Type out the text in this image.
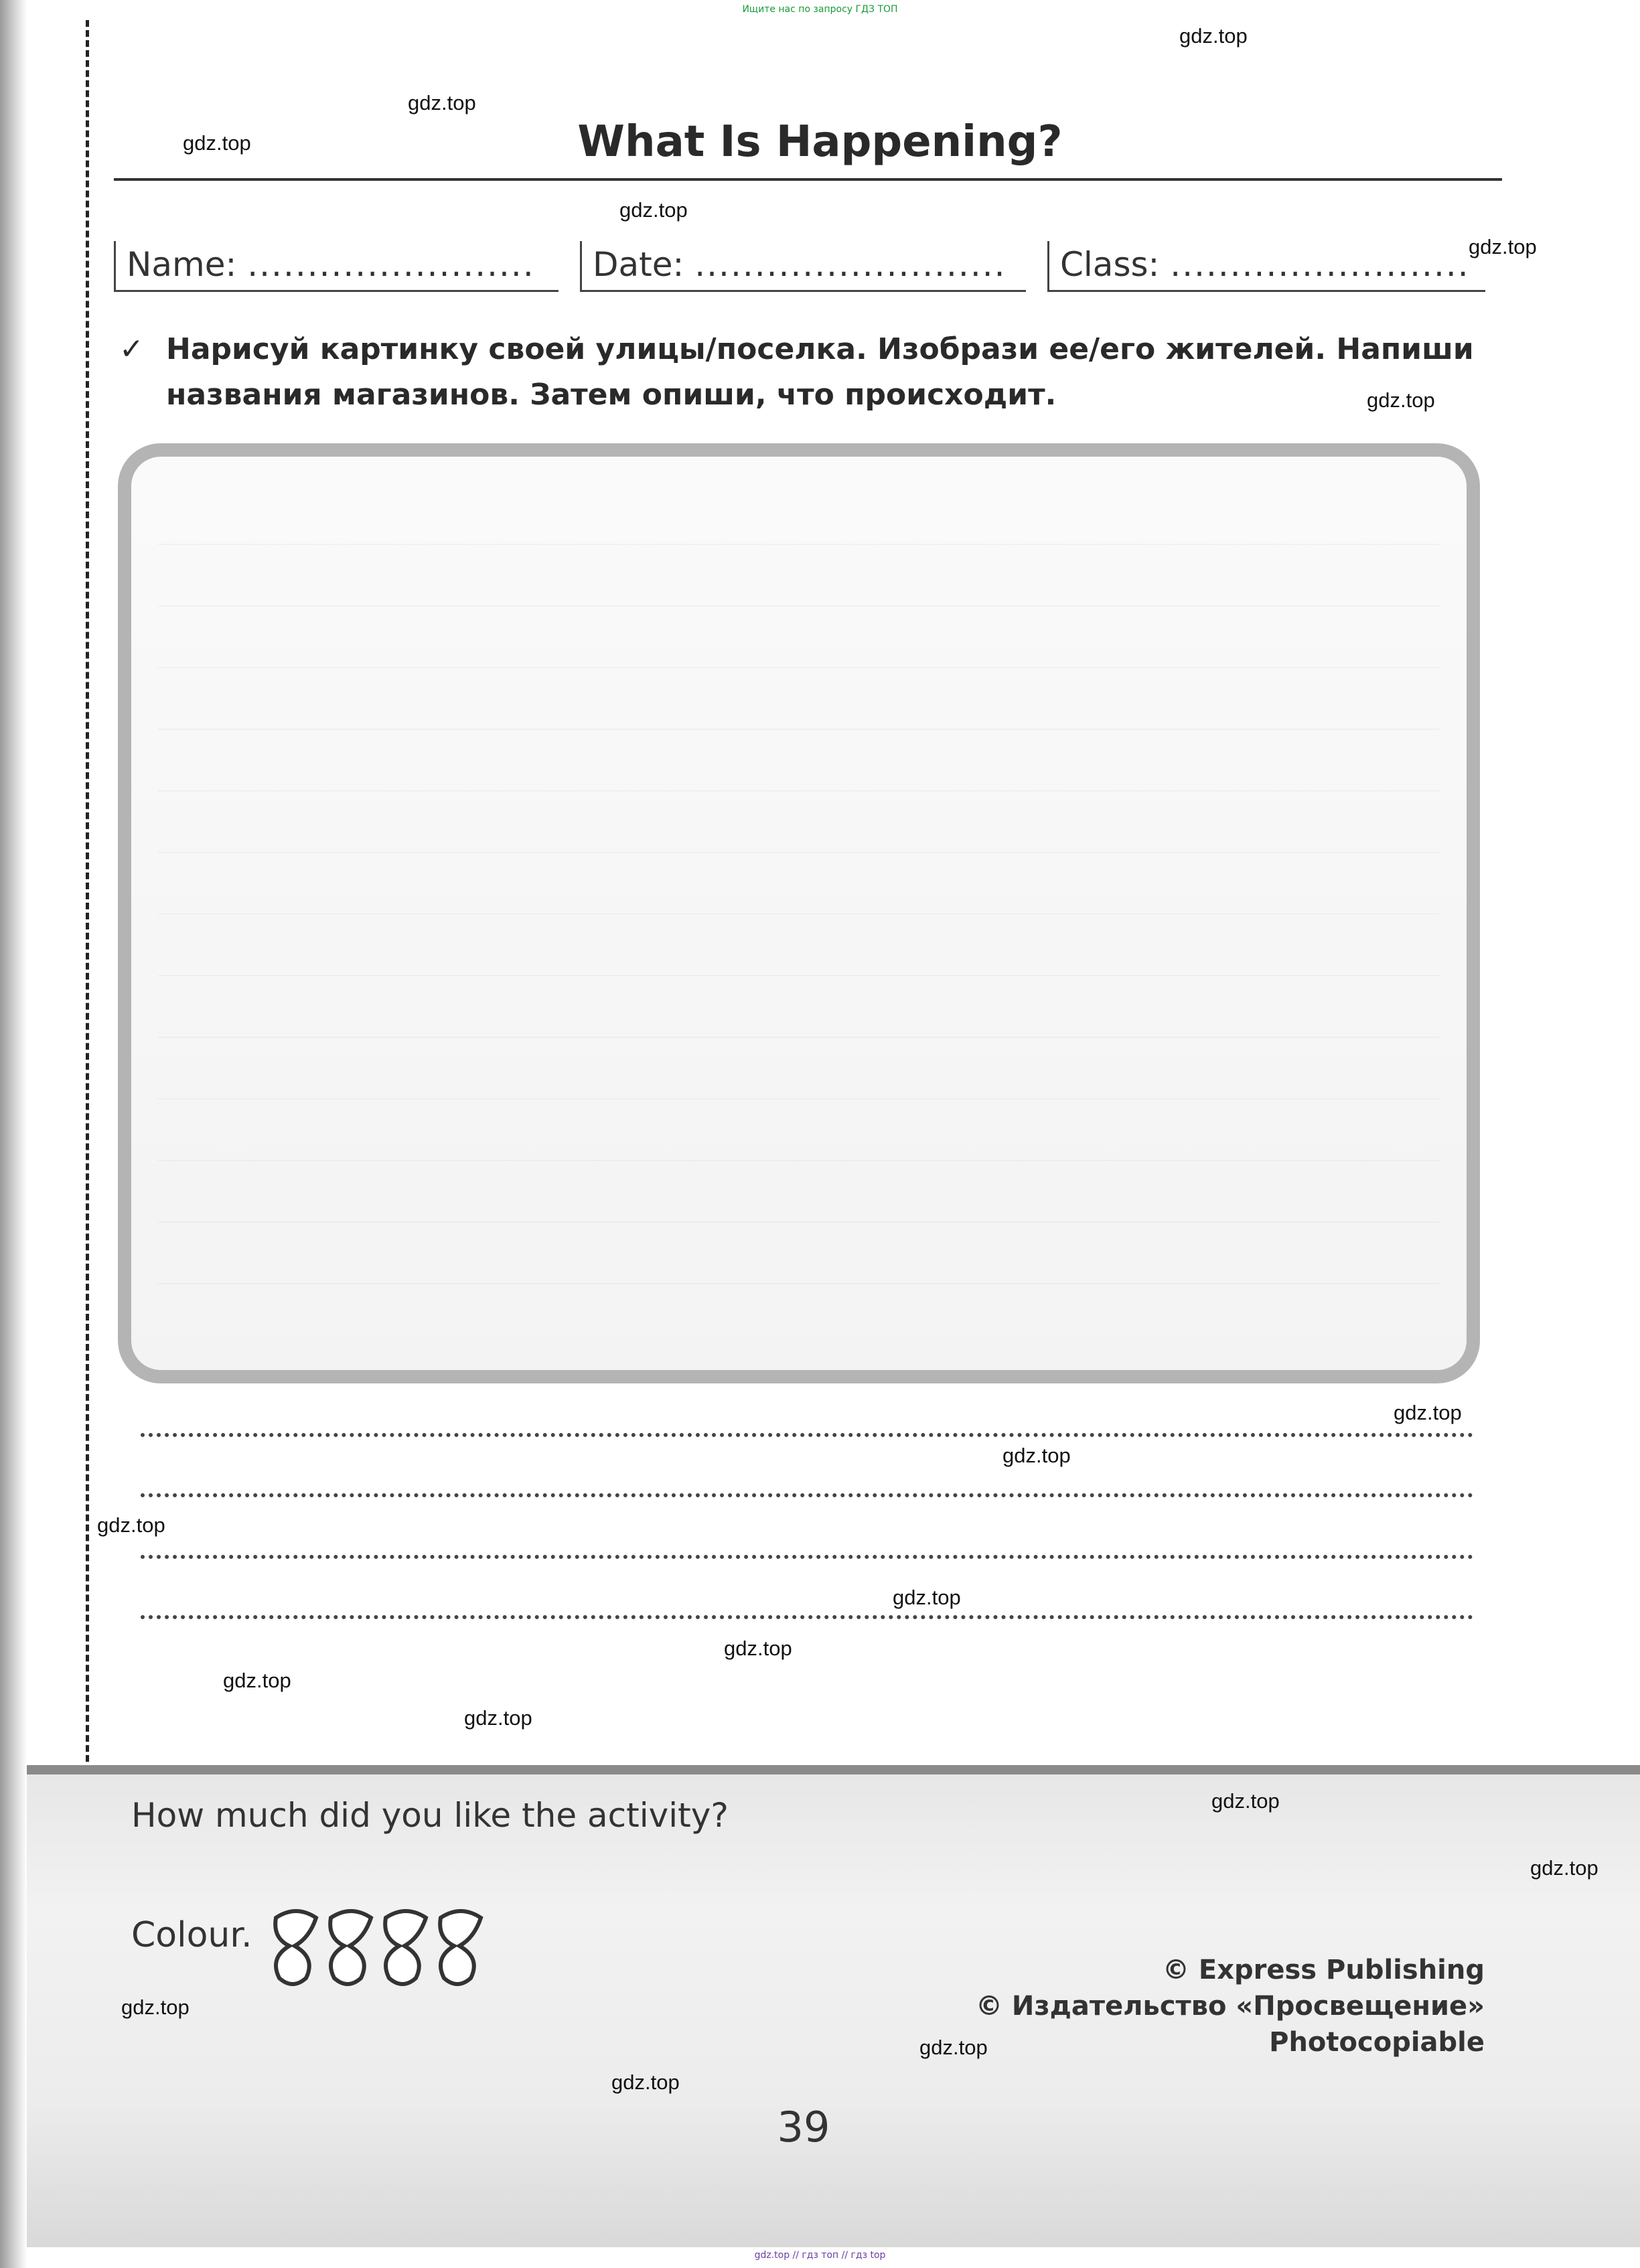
Ищите нас по запросу ГДЗ ТОП
gdz.top
gdz.top
gdz.top
gdz.top
gdz.top
gdz.top
gdz.top
gdz.top
gdz.top
gdz.top
gdz.top
gdz.top
gdz.top
What Is Happening?
Name: ........................	Date: ..........................	Class: .........................
✓ Нарисуй картинку своей улицы/поселка. Изобрази ее/его жителей. Напиши
названия магазинов. Затем опиши, что происходит.
gdz.top
gdz.top
gdz.top
gdz.top
gdz.top
How much did you like the activity?
Colour.
© Express Publishing
© Издательство «Просвещение»
Photocopiable
39
gdz.top // гдз топ // гдз top
